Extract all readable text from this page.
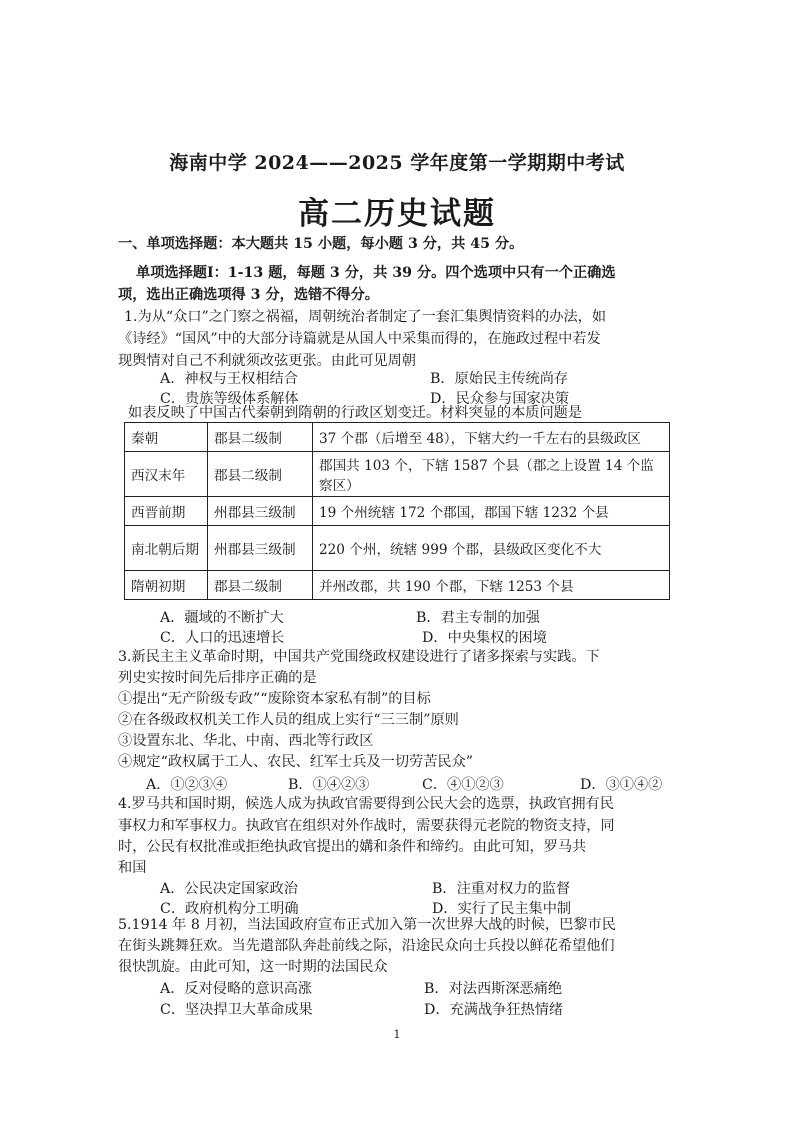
海南中学 2024——2025 学年度第一学期期中考试
高二历史试题
一、单项选择题：本大题共 15 小题，每小题 3 分，共 45 分。
单项选择题Ⅰ：1-13 题，每题 3 分，共 39 分。四个选项中只有一个正确选
项，选出正确选项得 3 分，选错不得分。
1.为从“众口”之门察之祸福，周朝统治者制定了一套汇集舆情资料的办法，如
《诗经》“国风”中的大部分诗篇就是从国人中采集而得的，在施政过程中若发
现舆情对自己不利就须改弦更张。由此可见周朝
A．神权与王权相结合	B．原始民主传统尚存
C．贵族等级体系解体	D．民众参与国家决策
如表反映了中国古代秦朝到隋朝的行政区划变迁。材料突显的本质问题是
秦朝	郡县二级制	37 个郡（后增至 48），下辖大约一千左右的县级政区
西汉末年	郡县二级制	郡国共 103 个，下辖 1587 个县（郡之上设置 14 个监
察区）

西晋前期	州郡县三级制	19 个州统辖 172 个郡国，郡国下辖 1232 个县
南北朝后期	州郡县三级制	220 个州，统辖 999 个郡，县级政区变化不大
隋朝初期	郡县二级制	并州改郡，共 190 个郡，下辖 1253 个县
A．疆域的不断扩大	B．君主专制的加强
C．人口的迅速增长	D．中央集权的困境
3.新民主主义革命时期，中国共产党围绕政权建设进行了诸多探索与实践。下
列史实按时间先后排序正确的是
①提出“无产阶级专政”“废除资本家私有制”的目标
②在各级政权机关工作人员的组成上实行“三三制”原则
③设置东北、华北、中南、西北等行政区
④规定“政权属于工人、农民、红军士兵及一切劳苦民众”
A．①②③④	B．①④②③	C．④①②③	D．③①④②
4.罗马共和国时期，候选人成为执政官需要得到公民大会的选票，执政官拥有民
事权力和军事权力。执政官在组织对外作战时，需要获得元老院的物资支持，同
时，公民有权批准或拒绝执政官提出的媾和条件和缔约。由此可知，罗马共
和国
A．公民决定国家政治	B．注重对权力的监督
C．政府机构分工明确	D．实行了民主集中制
5.1914 年 8 月初，当法国政府宣布正式加入第一次世界大战的时候，巴黎市民
在街头跳舞狂欢。当先遣部队奔赴前线之际，沿途民众向士兵投以鲜花希望他们
很快凯旋。由此可知，这一时期的法国民众
A．反对侵略的意识高涨	B．对法西斯深恶痛绝
C．坚决捍卫大革命成果	D．充满战争狂热情绪
1
